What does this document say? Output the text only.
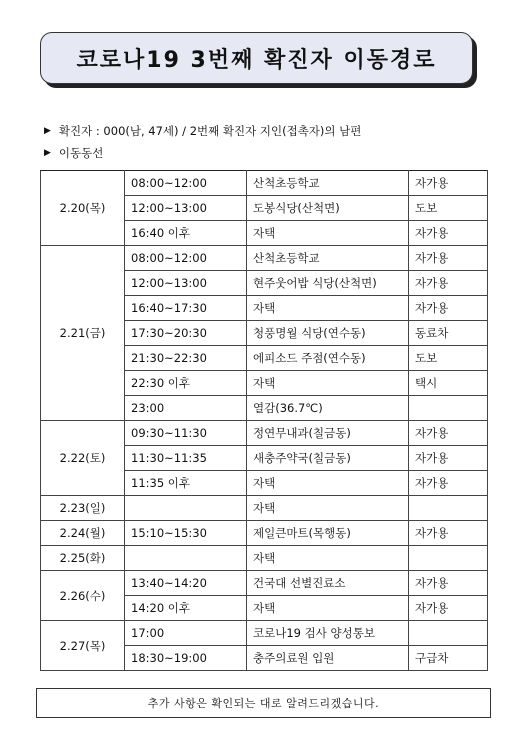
코로나19 3번째 확진자 이동경로
▶ 확진자 : 000(남, 47세) / 2번째 확진자 지인(접촉자)의 남편
▶ 이동동선
2.20(목)	08:00~12:00	산척초등학교	자가용
	12:00~13:00	도봉식당(산척면)	도보
	16:40 이후	자택	자가용
2.21(금)	08:00~12:00	산척초등학교	자가용
	12:00~13:00	현주웃어밥 식당(산척면)	자가용
	16:40~17:30	자택	자가용
	17:30~20:30	청풍명월 식당(연수동)	동료차
	21:30~22:30	에피소드 주점(연수동)	도보
	22:30 이후	자택	택시
	23:00	열감(36.7℃)	
2.22(토)	09:30~11:30	정연무내과(칠금동)	자가용
	11:30~11:35	새충주약국(칠금동)	자가용
	11:35 이후	자택	자가용
2.23(일)		자택	
2.24(월)	15:10~15:30	제일큰마트(목행동)	자가용
2.25(화)		자택	
2.26(수)	13:40~14:20	건국대 선별진료소	자가용
	14:20 이후	자택	자가용
2.27(목)	17:00	코로나19 검사 양성통보	
	18:30~19:00	충주의료원 입원	구급차
추가 사항은 확인되는 대로 알려드리겠습니다.
